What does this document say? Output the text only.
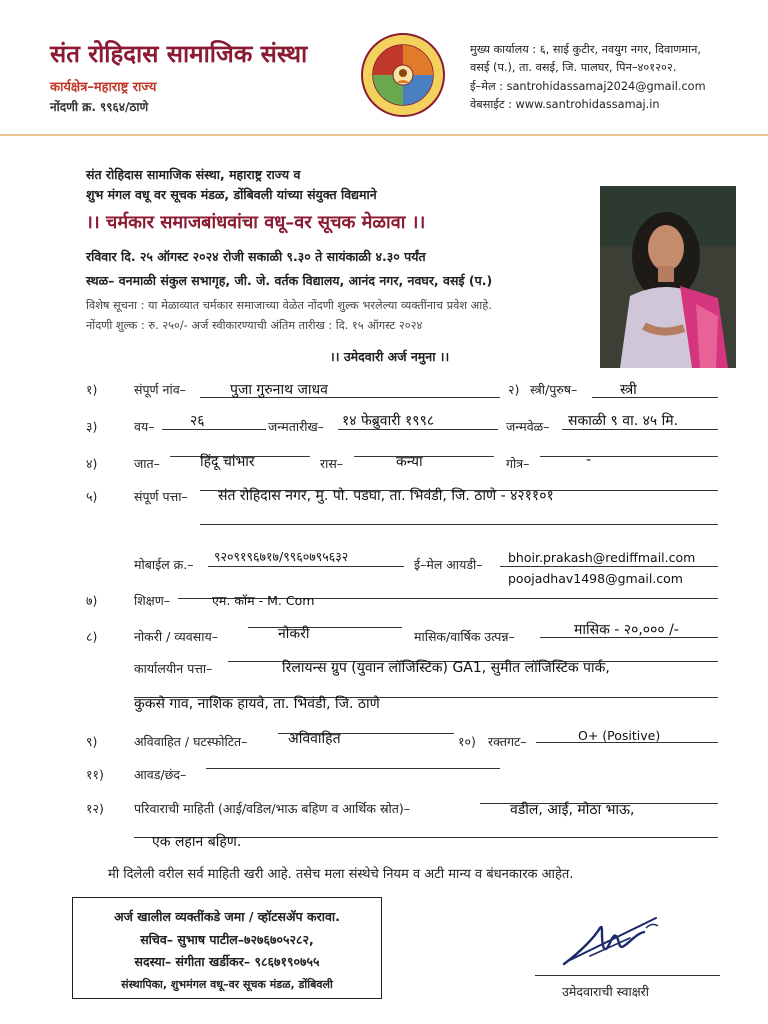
संत रोहिदास सामाजिक संस्था
कार्यक्षेत्र–महाराष्ट्र राज्य
नोंदणी क्र. ९९६४/ठाणे
मुख्य कार्यालय : ६, साई कुटीर, नवयुग नगर, दिवाणमान,
वसई (प.), ता. वसई, जि. पालघर, पिन–४०१२०२.
ई–मेल : santrohidassamaj2024@gmail.com
वेबसाईट : www.santrohidassamaj.in
संत रोहिदास सामाजिक संस्था, महाराष्ट्र राज्य व
शुभ मंगल वधू वर सूचक मंडळ, डोंबिवली यांच्या संयुक्त विद्यमाने
।। चर्मकार समाजबांधवांचा वधू–वर सूचक मेळावा ।।
रविवार दि. २५ ऑगस्ट २०२४ रोजी सकाळी ९.३० ते सायंकाळी ४.३० पर्यंत
स्थळ– वनमाळी संकुल सभागृह, जी. जे. वर्तक विद्यालय, आनंद नगर, नवघर, वसई (प.)
विशेष सूचना : या मेळाव्यात चर्मकार समाजाच्या वेळेत नोंदणी शुल्क भरलेल्या व्यक्तींनाच प्रवेश आहे.
नोंदणी शुल्क : रु. २५०/- अर्ज स्वीकारण्याची अंतिम तारीख : दि. १५ ऑगस्ट २०२४
।। उमेदवारी अर्ज नमुना ।।
१)	संपूर्ण नांव–	पुजा गुरुनाथ जाधव	२) स्त्री/पुरुष–	स्त्री
३)	वय–	२६	जन्मतारीख– १४ फेब्रुवारी १९९८	जन्मवेळ– सकाळी ९ वा. ४५ मि.
४)	जात–	हिंदू चांभार	रास–	कन्या	गोत्र–	-
५)	संपूर्ण पत्ता– संत रोहिदास नगर, मु. पो. पडघा, ता. भिवंडी, जि. ठाणे - ४२११०१
मोबाईल क्र.–
९२०९१९६७१७/९९६०७९५६३२
ई–मेल आयडी– bhoir.prakash@rediffmail.com
poojadhav1498@gmail.com
७)	शिक्षण–	एम. कॉम - M. Com
८)	नोकरी / व्यवसाय–	नोकरी	मासिक/वार्षिक उत्पन्न–	मासिक - २०,००० /-
कार्यालयीन पत्ता–	रिलायन्स ग्रुप (युवान लॉजिस्टिक) GA1, सुमीत लॉजिस्टिक पार्क,
कुकसे गाव, नाशिक हायवे, ता. भिवंडी, जि. ठाणे
९)	अविवाहित / घटस्फोटित–	अविवाहित	१०) रक्तगट–	O+ (Positive)
११) आवड/छंद–
१२) परिवाराची माहिती (आई/वडिल/भाऊ बहिण व आर्थिक स्रोत)–	वडील, आई, मोठा भाऊ,
एक लहान बहिण.
मी दिलेली वरील सर्व माहिती खरी आहे. तसेच मला संस्थेचे नियम व अटी मान्य व बंधनकारक आहेत.
अर्ज खालील व्यक्तींकडे जमा / व्हॉटसॲप करावा.
सचिव– सुभाष पाटील–७२७६७०५२८२,
सदस्या– संगीता खर्डीकर– ९८६७१९०७५५
संस्थापिका, शुभमंगल वधू–वर सूचक मंडळ, डोंबिवली	उमेदवाराची स्वाक्षरी
